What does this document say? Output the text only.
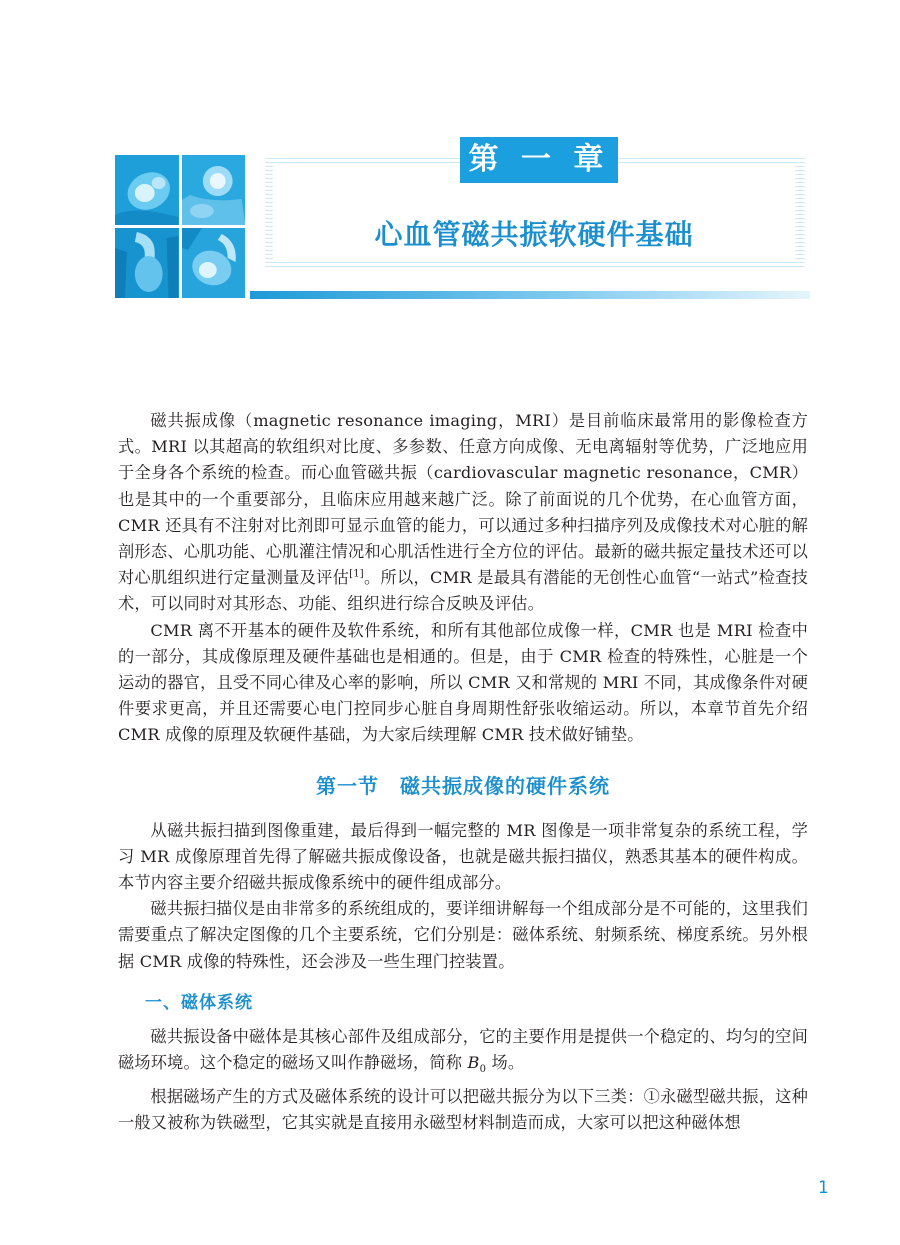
第 一 章
心血管磁共振软硬件基础

磁共振成像（magnetic resonance imaging，MRI）是目前临床最常用的影像检查方式。MRI 以其超高的软组织对比度、多参数、任意方向成像、无电离辐射等优势，广泛地应用于全身各个系统的检查。而心血管磁共振（cardiovascular magnetic resonance，CMR）也是其中的一个重要部分，且临床应用越来越广泛。除了前面说的几个优势，在心血管方面，CMR 还具有不注射对比剂即可显示血管的能力，可以通过多种扫描序列及成像技术对心脏的解剖形态、心肌功能、心肌灌注情况和心肌活性进行全方位的评估。最新的磁共振定量技术还可以对心肌组织进行定量测量及评估[1]。所以，CMR 是最具有潜能的无创性心血管“一站式”检查技术，可以同时对其形态、功能、组织进行综合反映及评估。

CMR 离不开基本的硬件及软件系统，和所有其他部位成像一样，CMR 也是 MRI 检查中的一部分，其成像原理及硬件基础也是相通的。但是，由于 CMR 检查的特殊性，心脏是一个运动的器官，且受不同心律及心率的影响，所以 CMR 又和常规的 MRI 不同，其成像条件对硬件要求更高，并且还需要心电门控同步心脏自身周期性舒张收缩运动。所以，本章节首先介绍 CMR 成像的原理及软硬件基础，为大家后续理解 CMR 技术做好铺垫。

第一节　磁共振成像的硬件系统

从磁共振扫描到图像重建，最后得到一幅完整的 MR 图像是一项非常复杂的系统工程，学习 MR 成像原理首先得了解磁共振成像设备，也就是磁共振扫描仪，熟悉其基本的硬件构成。本节内容主要介绍磁共振成像系统中的硬件组成部分。

磁共振扫描仪是由非常多的系统组成的，要详细讲解每一个组成部分是不可能的，这里我们需要重点了解决定图像的几个主要系统，它们分别是：磁体系统、射频系统、梯度系统。另外根据 CMR 成像的特殊性，还会涉及一些生理门控装置。

一、磁体系统

磁共振设备中磁体是其核心部件及组成部分，它的主要作用是提供一个稳定的、均匀的空间磁场环境。这个稳定的磁场又叫作静磁场，简称 $B_0$ 场。

根据磁场产生的方式及磁体系统的设计可以把磁共振分为以下三类：①永磁型磁共振，这种一般又被称为铁磁型，它其实就是直接用永磁型材料制造而成，大家可以把这种磁体想

1
